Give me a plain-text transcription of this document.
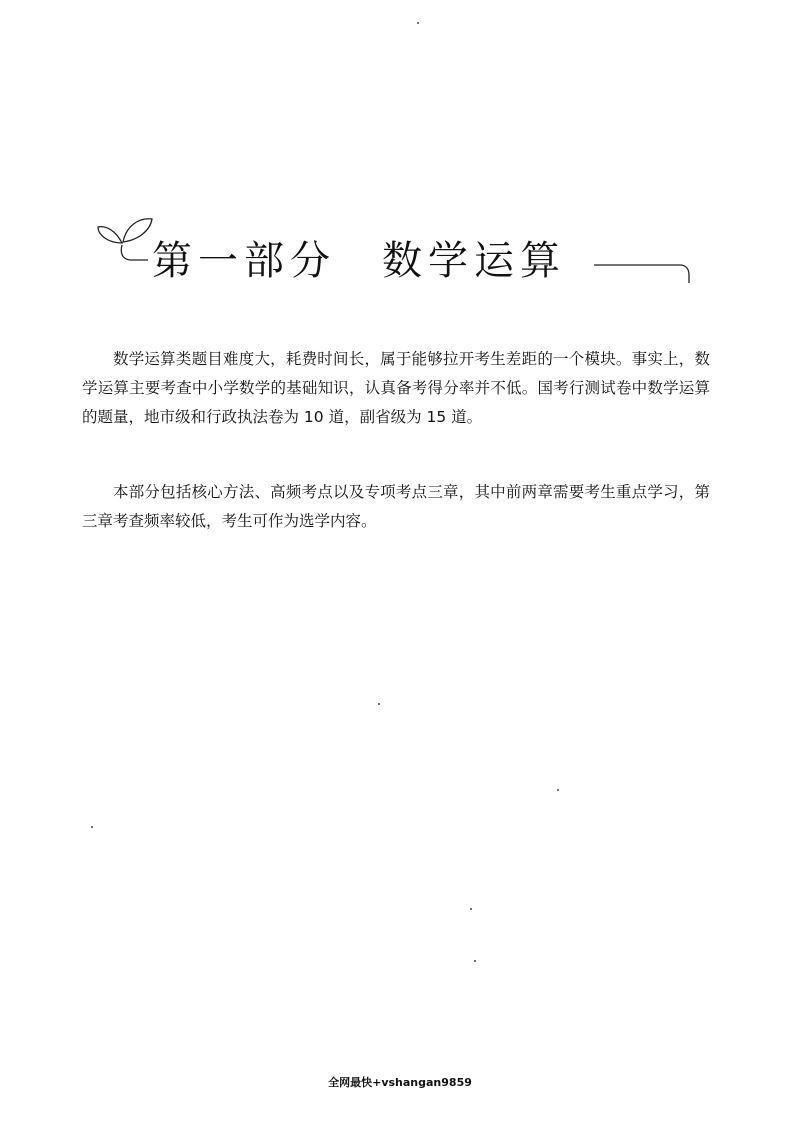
第一部分 数学运算

数学运算类题目难度大，耗费时间长，属于能够拉开考生差距的一个模块。事实上，数学运算主要考查中小学数学的基础知识，认真备考得分率并不低。国考行测试卷中数学运算的题量，地市级和行政执法卷为 10 道，副省级为 15 道。

本部分包括核心方法、高频考点以及专项考点三章，其中前两章需要考生重点学习，第三章考查频率较低，考生可作为选学内容。

全网最快+vshangan9859
